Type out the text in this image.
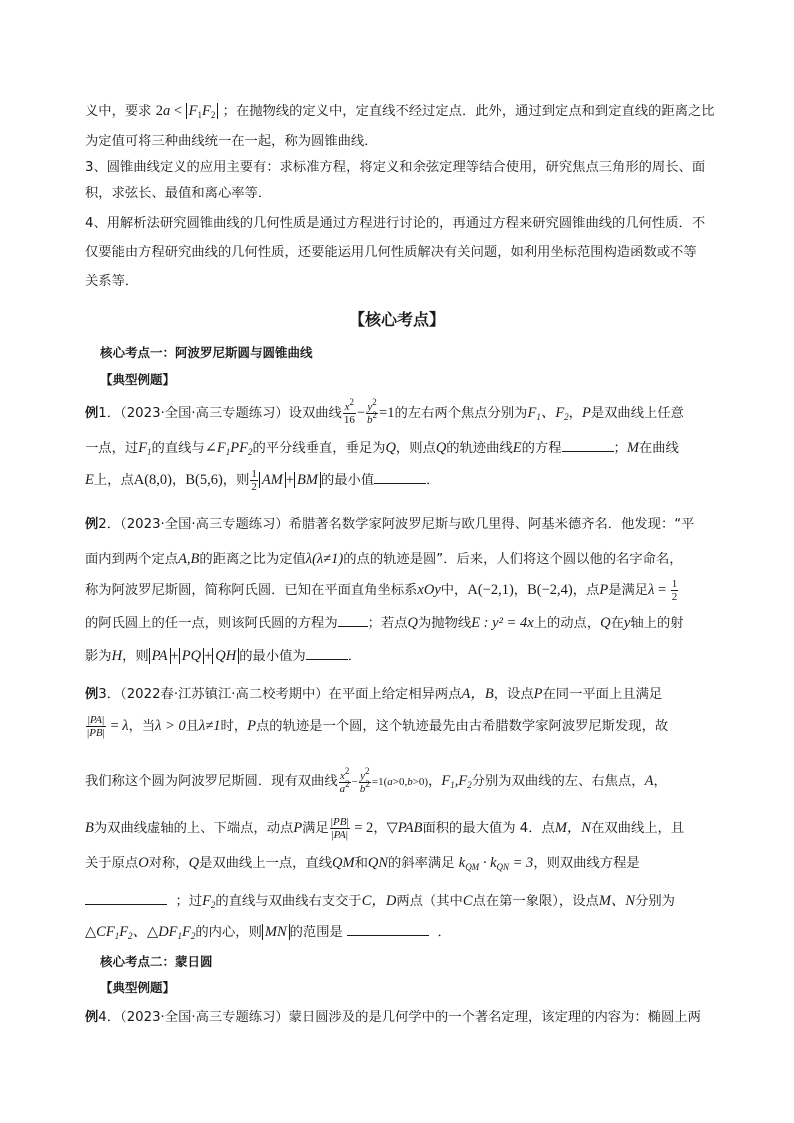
义中，要求 $2a < F_1F_2$ ；在抛物线的定义中，定直线不经过定点．此外，通过到定点和到定直线的距离之比
为定值可将三种曲线统一在一起，称为圆锥曲线．
3、圆锥曲线定义的应用主要有：求标准方程，将定义和余弦定理等结合使用，研究焦点三角形的周长、面
积，求弦长、最值和离心率等．
4、用解析法研究圆锥曲线的几何性质是通过方程进行讨论的，再通过方程来研究圆锥曲线的几何性质．不
仅要能由方程研究曲线的几何性质，还要能运用几何性质解决有关问题，如利用坐标范围构造函数或不等
关系等．
【核心考点】
核心考点一：阿波罗尼斯圆与圆锥曲线
【典型例题】
例1．（2023·全国·高三专题练习）设双曲线 $\frac{x^2}{16} - \frac{y^2}{b^2} =1$的左右两个焦点分别为$F_1$、$F_2$，P是双曲线上任意
一点，过$F_1$的直线与$\angle F_1PF_2$的平分线垂直，垂足为Q，则点Q的轨迹曲线E的方程	；M在曲线
E上，点A(8,0)，B(5,6)，则 $\frac{1}{2}$ AM + BM 的最小值	．
例2．（2023·全国·高三专题练习）希腊著名数学家阿波罗尼斯与欧几里得、阿基米德齐名．他发现：“平
面内到两个定点A,B的距离之比为定值λ(λ≠1)的点的轨迹是圆”．后来，人们将这个圆以他的名字命名，
称为阿波罗尼斯圆，简称阿氏圆．已知在平面直角坐标系xOy中，A(−2,1)，B(−2,4)，点P是满足$\lambda = \frac{1}{2}$
的阿氏圆上的任一点，则该阿氏圆的方程为 ；若点Q为抛物线E : y² = 4x上的动点，Q在y轴上的射
影为H，则 PA + PQ + QH 的最小值为	．
例3．（2022春·江苏镇江·高二校考期中）在平面上给定相异两点A，B，设点P在同一平面上且满足
$\frac{|PA|}{|PB|} = \lambda$，当λ > 0且λ≠1时，P点的轨迹是一个圆，这个轨迹最先由古希腊数学家阿波罗尼斯发现，故
我们称这个圆为阿波罗尼斯圆．现有双曲线 $\frac{x^2}{a^2} - \frac{y^2}{b^2} =1(a>0,b>0)$，$F_1,F_2$分别为双曲线的左、右焦点，A，
B为双曲线虚轴的上、下端点，动点P满足 $\frac{|PB|}{|PA|} = 2$，▽PAB面积的最大值为 4．点M，N在双曲线上，且
关于原点O对称，Q是双曲线上一点，直线QM和QN的斜率满足 $k_{QM} \cdot k_{QN} = 3$，则双曲线方程是
；过$F_2$的直线与双曲线右支交于C，D两点（其中C点在第一象限），设点M、N分别为
$\triangle CF_1F_2$、$\triangle DF_1F_2$的内心，则 MN 的范围是	．
核心考点二：蒙日圆
【典型例题】
例4．（2023·全国·高三专题练习）蒙日圆涉及的是几何学中的一个著名定理，该定理的内容为：椭圆上两
